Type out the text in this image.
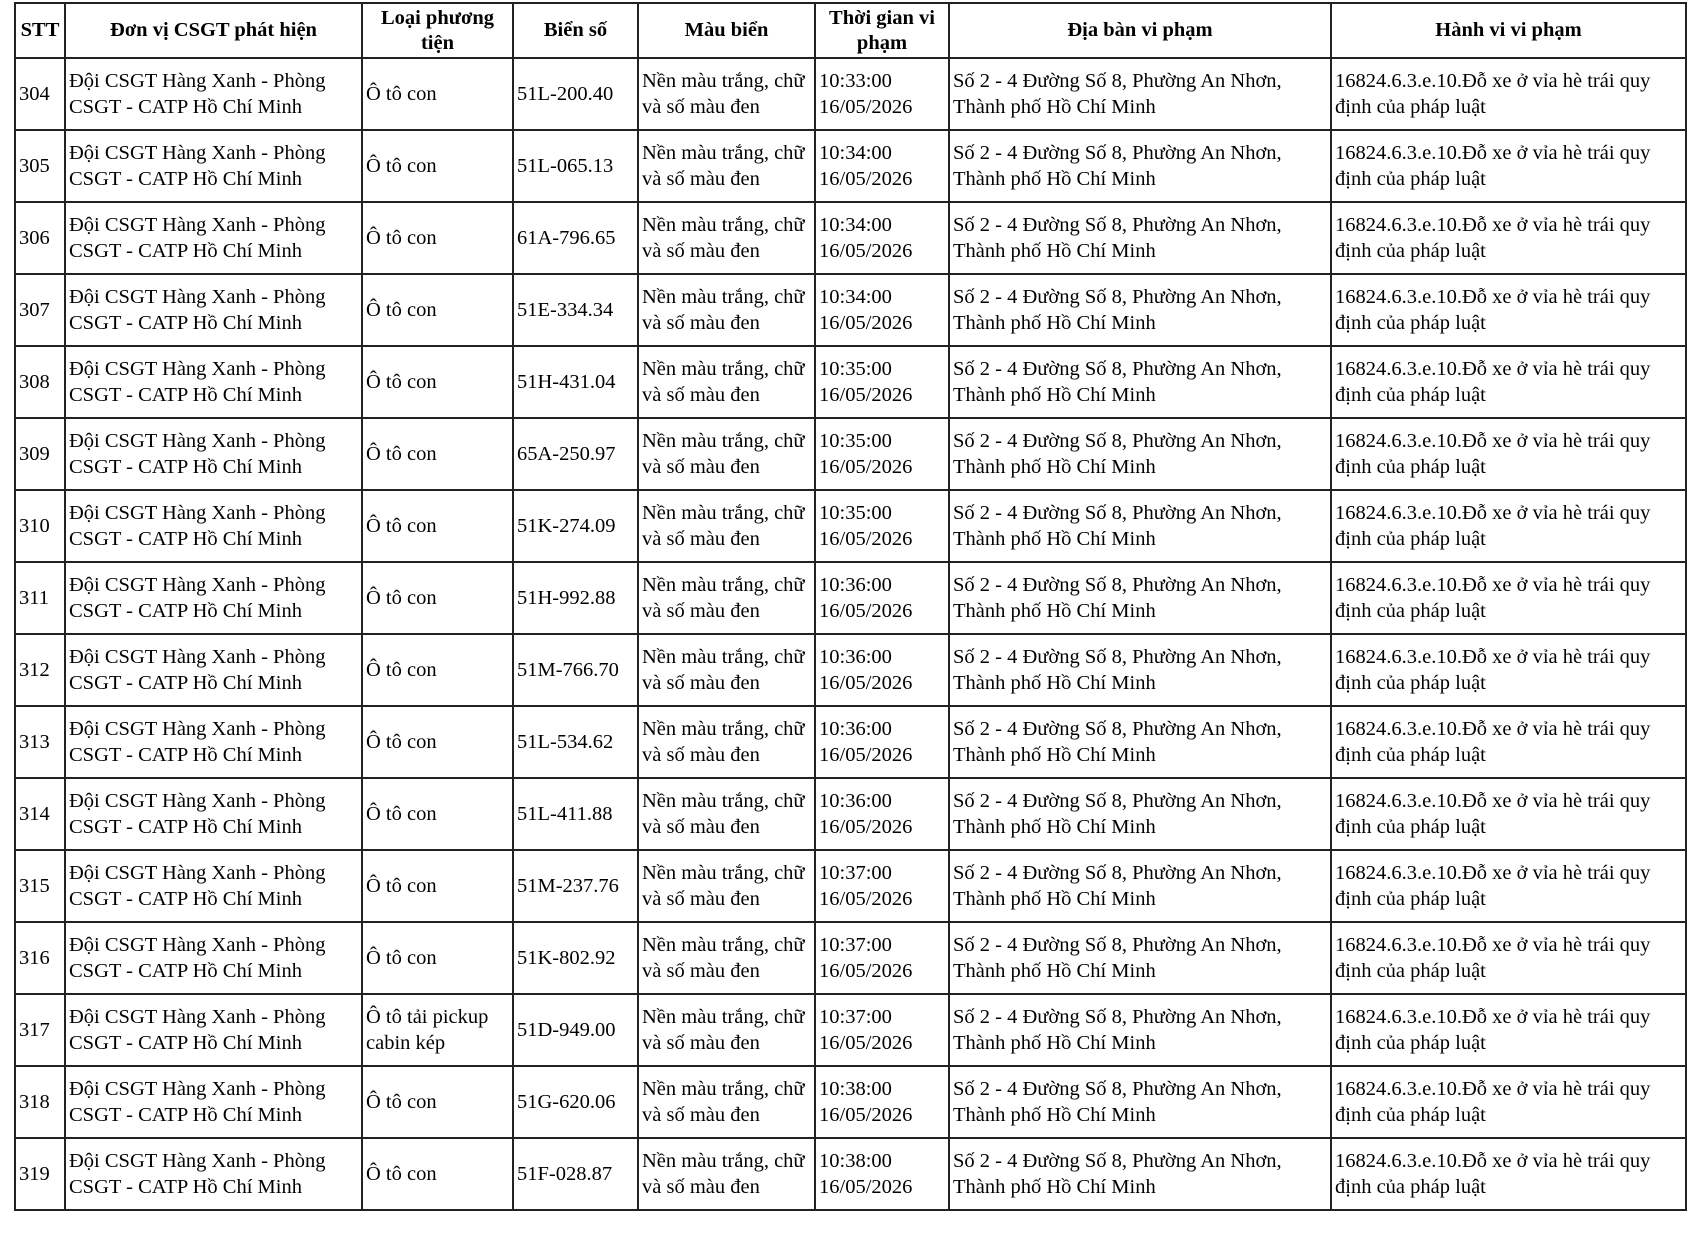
STT	Đơn vị CSGT phát hiện	Loại phương tiện	Biển số	Màu biển	Thời gian vi phạm	Địa bàn vi phạm	Hành vi vi phạm
304	Đội CSGT Hàng Xanh - Phòng CSGT - CATP Hồ Chí Minh	Ô tô con	51L-200.40	Nền màu trắng, chữ và số màu đen	10:33:00 16/05/2026	Số 2 - 4 Đường Số 8, Phường An Nhơn, Thành phố Hồ Chí Minh	16824.6.3.e.10.Đỗ xe ở vỉa hè trái quy định của pháp luật
305	Đội CSGT Hàng Xanh - Phòng CSGT - CATP Hồ Chí Minh	Ô tô con	51L-065.13	Nền màu trắng, chữ và số màu đen	10:34:00 16/05/2026	Số 2 - 4 Đường Số 8, Phường An Nhơn, Thành phố Hồ Chí Minh	16824.6.3.e.10.Đỗ xe ở vỉa hè trái quy định của pháp luật
306	Đội CSGT Hàng Xanh - Phòng CSGT - CATP Hồ Chí Minh	Ô tô con	61A-796.65	Nền màu trắng, chữ và số màu đen	10:34:00 16/05/2026	Số 2 - 4 Đường Số 8, Phường An Nhơn, Thành phố Hồ Chí Minh	16824.6.3.e.10.Đỗ xe ở vỉa hè trái quy định của pháp luật
307	Đội CSGT Hàng Xanh - Phòng CSGT - CATP Hồ Chí Minh	Ô tô con	51E-334.34	Nền màu trắng, chữ và số màu đen	10:34:00 16/05/2026	Số 2 - 4 Đường Số 8, Phường An Nhơn, Thành phố Hồ Chí Minh	16824.6.3.e.10.Đỗ xe ở vỉa hè trái quy định của pháp luật
308	Đội CSGT Hàng Xanh - Phòng CSGT - CATP Hồ Chí Minh	Ô tô con	51H-431.04	Nền màu trắng, chữ và số màu đen	10:35:00 16/05/2026	Số 2 - 4 Đường Số 8, Phường An Nhơn, Thành phố Hồ Chí Minh	16824.6.3.e.10.Đỗ xe ở vỉa hè trái quy định của pháp luật
309	Đội CSGT Hàng Xanh - Phòng CSGT - CATP Hồ Chí Minh	Ô tô con	65A-250.97	Nền màu trắng, chữ và số màu đen	10:35:00 16/05/2026	Số 2 - 4 Đường Số 8, Phường An Nhơn, Thành phố Hồ Chí Minh	16824.6.3.e.10.Đỗ xe ở vỉa hè trái quy định của pháp luật
310	Đội CSGT Hàng Xanh - Phòng CSGT - CATP Hồ Chí Minh	Ô tô con	51K-274.09	Nền màu trắng, chữ và số màu đen	10:35:00 16/05/2026	Số 2 - 4 Đường Số 8, Phường An Nhơn, Thành phố Hồ Chí Minh	16824.6.3.e.10.Đỗ xe ở vỉa hè trái quy định của pháp luật
311	Đội CSGT Hàng Xanh - Phòng CSGT - CATP Hồ Chí Minh	Ô tô con	51H-992.88	Nền màu trắng, chữ và số màu đen	10:36:00 16/05/2026	Số 2 - 4 Đường Số 8, Phường An Nhơn, Thành phố Hồ Chí Minh	16824.6.3.e.10.Đỗ xe ở vỉa hè trái quy định của pháp luật
312	Đội CSGT Hàng Xanh - Phòng CSGT - CATP Hồ Chí Minh	Ô tô con	51M-766.70	Nền màu trắng, chữ và số màu đen	10:36:00 16/05/2026	Số 2 - 4 Đường Số 8, Phường An Nhơn, Thành phố Hồ Chí Minh	16824.6.3.e.10.Đỗ xe ở vỉa hè trái quy định của pháp luật
313	Đội CSGT Hàng Xanh - Phòng CSGT - CATP Hồ Chí Minh	Ô tô con	51L-534.62	Nền màu trắng, chữ và số màu đen	10:36:00 16/05/2026	Số 2 - 4 Đường Số 8, Phường An Nhơn, Thành phố Hồ Chí Minh	16824.6.3.e.10.Đỗ xe ở vỉa hè trái quy định của pháp luật
314	Đội CSGT Hàng Xanh - Phòng CSGT - CATP Hồ Chí Minh	Ô tô con	51L-411.88	Nền màu trắng, chữ và số màu đen	10:36:00 16/05/2026	Số 2 - 4 Đường Số 8, Phường An Nhơn, Thành phố Hồ Chí Minh	16824.6.3.e.10.Đỗ xe ở vỉa hè trái quy định của pháp luật
315	Đội CSGT Hàng Xanh - Phòng CSGT - CATP Hồ Chí Minh	Ô tô con	51M-237.76	Nền màu trắng, chữ và số màu đen	10:37:00 16/05/2026	Số 2 - 4 Đường Số 8, Phường An Nhơn, Thành phố Hồ Chí Minh	16824.6.3.e.10.Đỗ xe ở vỉa hè trái quy định của pháp luật
316	Đội CSGT Hàng Xanh - Phòng CSGT - CATP Hồ Chí Minh	Ô tô con	51K-802.92	Nền màu trắng, chữ và số màu đen	10:37:00 16/05/2026	Số 2 - 4 Đường Số 8, Phường An Nhơn, Thành phố Hồ Chí Minh	16824.6.3.e.10.Đỗ xe ở vỉa hè trái quy định của pháp luật
317	Đội CSGT Hàng Xanh - Phòng CSGT - CATP Hồ Chí Minh	Ô tô tải pickup cabin kép	51D-949.00	Nền màu trắng, chữ và số màu đen	10:37:00 16/05/2026	Số 2 - 4 Đường Số 8, Phường An Nhơn, Thành phố Hồ Chí Minh	16824.6.3.e.10.Đỗ xe ở vỉa hè trái quy định của pháp luật
318	Đội CSGT Hàng Xanh - Phòng CSGT - CATP Hồ Chí Minh	Ô tô con	51G-620.06	Nền màu trắng, chữ và số màu đen	10:38:00 16/05/2026	Số 2 - 4 Đường Số 8, Phường An Nhơn, Thành phố Hồ Chí Minh	16824.6.3.e.10.Đỗ xe ở vỉa hè trái quy định của pháp luật
319	Đội CSGT Hàng Xanh - Phòng CSGT - CATP Hồ Chí Minh	Ô tô con	51F-028.87	Nền màu trắng, chữ và số màu đen	10:38:00 16/05/2026	Số 2 - 4 Đường Số 8, Phường An Nhơn, Thành phố Hồ Chí Minh	16824.6.3.e.10.Đỗ xe ở vỉa hè trái quy định của pháp luật
